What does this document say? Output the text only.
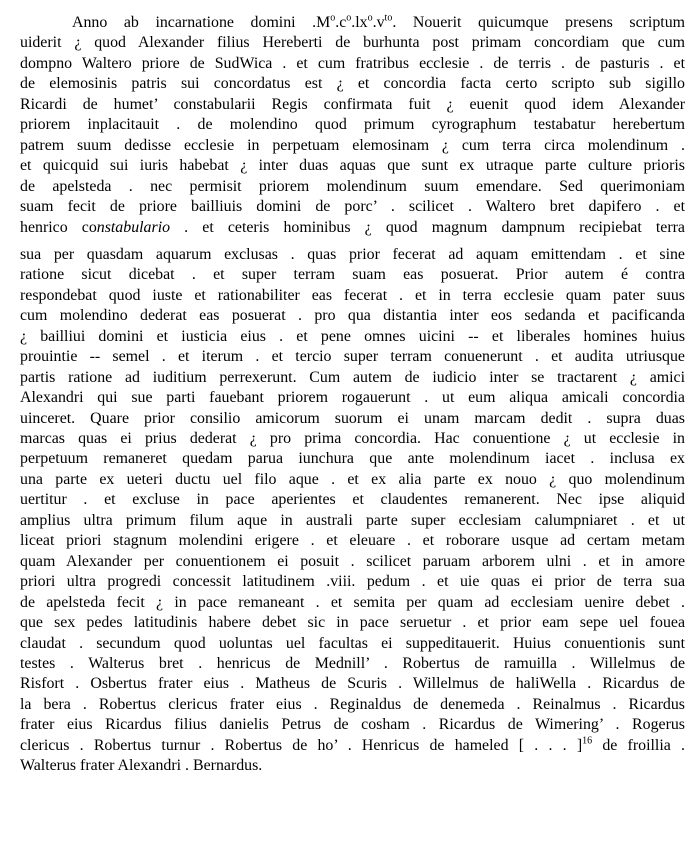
Anno ab incarnatione domini $.M^o.c^o.lx^o.v^{to}$. Nouerit quicumque presens scriptum
uiderit ¿ quod Alexander filius Hereberti de burhunta post primam concordiam que cum
dompno Waltero priore de SudWica . et cum fratribus ecclesie . de terris . de pasturis . et
de elemosinis patris sui concordatus est ¿ et concordia facta certo scripto sub sigillo
Ricardi de humet’ constabularii Regis confirmata fuit ¿ euenit quod idem Alexander
priorem inplacitauit . de molendino quod primum cyrographum testabatur herebertum
patrem suum dedisse ecclesie in perpetuam elemosinam ¿ cum terra circa molendinum .
et quicquid sui iuris habebat ¿ inter duas aquas que sunt ex utraque parte culture prioris
de apelsteda . nec permisit priorem molendinum suum emendare. Sed querimoniam
suam fecit de priore bailliuis domini de porc’ . scilicet . Waltero bret dapifero . et
henrico constabulario . et ceteris hominibus ¿ quod magnum dampnum recipiebat terra
sua per quasdam aquarum exclusas . quas prior fecerat ad aquam emittendam . et sine
ratione sicut dicebat . et super terram suam eas posuerat. Prior autem é contra
respondebat quod iuste et rationabiliter eas fecerat . et in terra ecclesie quam pater suus
cum molendino dederat eas posuerat . pro qua distantia inter eos sedanda et pacificanda
¿ bailliui domini et iusticia eius . et pene omnes uicini -- et liberales homines huius
prouintie -- semel . et iterum . et tercio super terram conuenerunt . et audita utriusque
partis ratione ad iuditium perrexerunt. Cum autem de iudicio inter se tractarent ¿ amici
Alexandri qui sue parti fauebant priorem rogauerunt . ut eum aliqua amicali concordia
uinceret. Quare prior consilio amicorum suorum ei unam marcam dedit . supra duas
marcas quas ei prius dederat ¿ pro prima concordia. Hac conuentione ¿ ut ecclesie in
perpetuum remaneret quedam parua iunchura que ante molendinum iacet . inclusa ex
una parte ex ueteri ductu uel filo aque . et ex alia parte ex nouo ¿ quo molendinum
uertitur . et excluse in pace aperientes et claudentes remanerent. Nec ipse aliquid
amplius ultra primum filum aque in australi parte super ecclesiam calumpniaret . et ut
liceat priori stagnum molendini erigere . et eleuare . et roborare usque ad certam metam
quam Alexander per conuentionem ei posuit . scilicet paruam arborem ulni . et in amore
priori ultra progredi concessit latitudinem .viii. pedum . et uie quas ei prior de terra sua
de apelsteda fecit ¿ in pace remaneant . et semita per quam ad ecclesiam uenire debet .
que sex pedes latitudinis habere debet sic in pace seruetur . et prior eam sepe uel fouea
claudat . secundum quod uoluntas uel facultas ei suppeditauerit. Huius conuentionis sunt
testes . Walterus bret . henricus de Mednill’ . Robertus de ramuilla . Willelmus de
Risfort . Osbertus frater eius . Matheus de Scuris . Willelmus de haliWella . Ricardus de
la bera . Robertus clericus frater eius . Reginaldus de denemeda . Reinalmus . Ricardus
frater eius Ricardus filius danielis Petrus de cosham . Ricardus de Wimering’ . Rogerus
clericus . Robertus turnur . Robertus de ho’ . Henricus de hameled [ . . . ]$^{16}$ de froillia .
Walterus frater Alexandri . Bernardus.
